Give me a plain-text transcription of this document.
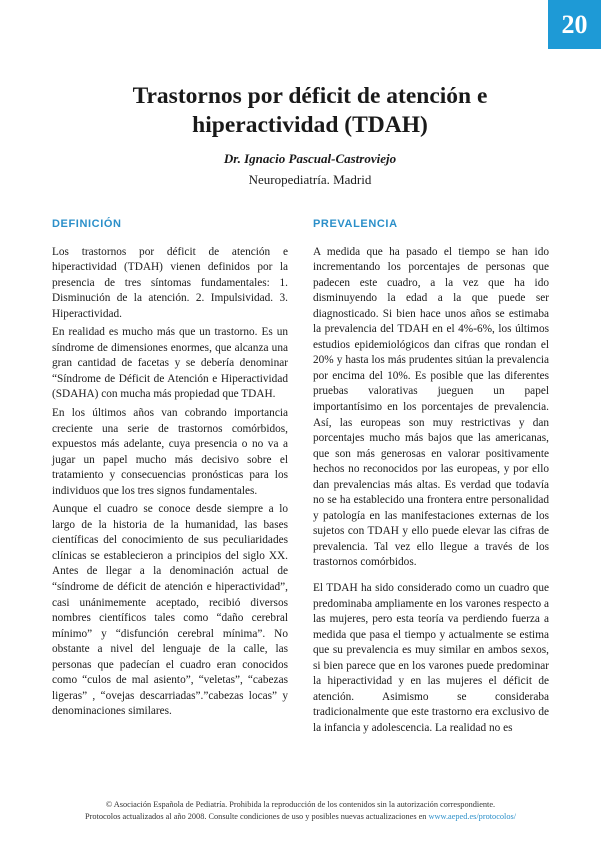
20
Trastornos por déficit de atención e hiperactividad (TDAH)

Dr. Ignacio Pascual-Castroviejo

Neuropediatría. Madrid

DEFINICIÓN

Los trastornos por déficit de atención e hiperactividad (TDAH) vienen definidos por la presencia de tres síntomas fundamentales: 1. Disminución de la atención. 2. Impulsividad. 3. Hiperactividad.

En realidad es mucho más que un trastorno. Es un síndrome de dimensiones enormes, que alcanza una gran cantidad de facetas y se debería denominar “Síndrome de Déficit de Atención e Hiperactividad (SDAHA) con mucha más propiedad que TDAH.

En los últimos años van cobrando importancia creciente una serie de trastornos comórbidos, expuestos más adelante, cuya presencia o no va a jugar un papel mucho más decisivo sobre el tratamiento y consecuencias pronósticas para los individuos que los tres signos fundamentales.

Aunque el cuadro se conoce desde siempre a lo largo de la historia de la humanidad, las bases científicas del conocimiento de sus peculiaridades clínicas se establecieron a principios del siglo XX. Antes de llegar a la denominación actual de “síndrome de déficit de atención e hiperactividad”, casi unánimemente aceptado, recibió diversos nombres científicos tales como “daño cerebral mínimo” y “disfunción cerebral mínima”. No obstante a nivel del lenguaje de la calle, las personas que padecían el cuadro eran conocidos como “culos de mal asiento”, “veletas”, “cabezas ligeras” , “ovejas descarriadas”.”cabezas locas” y denominaciones similares.

PREVALENCIA

A medida que ha pasado el tiempo se han ido incrementando los porcentajes de personas que padecen este cuadro, a la vez que ha ido disminuyendo la edad a la que puede ser diagnosticado. Si bien hace unos años se estimaba la prevalencia del TDAH en el 4%-6%, los últimos estudios epidemiológicos dan cifras que rondan el 20% y hasta los más prudentes sitúan la prevalencia por encima del 10%. Es posible que las diferentes pruebas valorativas jueguen un papel importantísimo en los porcentajes de prevalencia. Así, las europeas son muy restrictivas y dan porcentajes mucho más bajos que las americanas, que son más generosas en valorar positivamente hechos no reconocidos por las europeas, y por ello dan prevalencias más altas. Es verdad que todavía no se ha establecido una frontera entre personalidad y patología en las manifestaciones externas de los sujetos con TDAH y ello puede elevar las cifras de prevalencia. Tal vez ello llegue a través de los trastornos comórbidos.

El TDAH ha sido considerado como un cuadro que predominaba ampliamente en los varones respecto a las mujeres, pero esta teoría va perdiendo fuerza a medida que pasa el tiempo y actualmente se estima que su prevalencia es muy similar en ambos sexos, si bien parece que en los varones puede predominar la hiperactividad y en las mujeres el déficit de atención. Asimismo se consideraba tradicionalmente que este trastorno era exclusivo de la infancia y adolescencia. La realidad no es

© Asociación Española de Pediatría. Prohibida la reproducción de los contenidos sin la autorización correspondiente.
Protocolos actualizados al año 2008. Consulte condiciones de uso y posibles nuevas actualizaciones en www.aeped.es/protocolos/
